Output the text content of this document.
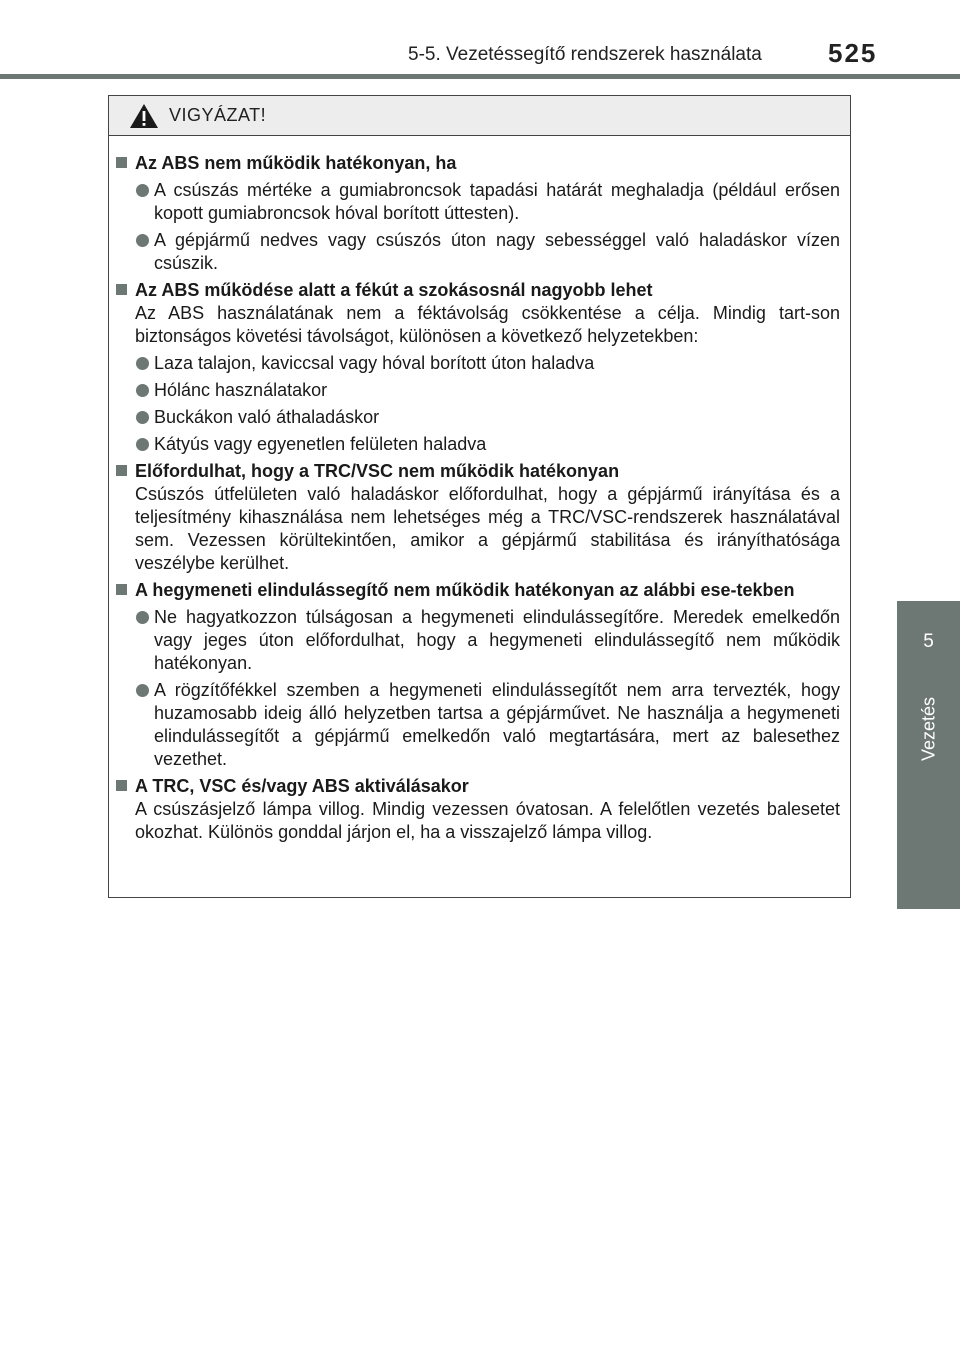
5-5. Vezetéssegítő rendszerek használata	525
5
Vezetés
VIGYÁZAT!
Az ABS nem működik hatékonyan, ha
A csúszás mértéke a gumiabroncsok tapadási határát meghaladja (például erősen kopott gumiabroncsok hóval borított úttesten).
A gépjármű nedves vagy csúszós úton nagy sebességgel való haladáskor vízen csúszik.
Az ABS működése alatt a fékút a szokásosnál nagyobb lehet
Az ABS használatának nem a féktávolság csökkentése a célja. Mindig tart-son biztonságos követési távolságot, különösen a következő helyzetekben:
Laza talajon, kaviccsal vagy hóval borított úton haladva
Hólánc használatakor
Buckákon való áthaladáskor
Kátyús vagy egyenetlen felületen haladva
Előfordulhat, hogy a TRC/VSC nem működik hatékonyan
Csúszós útfelületen való haladáskor előfordulhat, hogy a gépjármű irányítása és a teljesítmény kihasználása nem lehetséges még a TRC/VSC-rendszerek használatával sem. Vezessen körültekintően, amikor a gépjármű stabilitása és irányíthatósága veszélybe kerülhet.
A hegymeneti elindulássegítő nem működik hatékonyan az alábbi ese-tekben
Ne hagyatkozzon túlságosan a hegymeneti elindulássegítőre. Meredek emelkedőn vagy jeges úton előfordulhat, hogy a hegymeneti elindulássegítő nem működik hatékonyan.
A rögzítőfékkel szemben a hegymeneti elindulássegítőt nem arra tervezték, hogy huzamosabb ideig álló helyzetben tartsa a gépjárművet. Ne használja a hegymeneti elindulássegítőt a gépjármű emelkedőn való megtartására, mert az balesethez vezethet.
A TRC, VSC és/vagy ABS aktiválásakor
A csúszásjelző lámpa villog. Mindig vezessen óvatosan. A felelőtlen vezetés balesetet okozhat. Különös gonddal járjon el, ha a visszajelző lámpa villog.
